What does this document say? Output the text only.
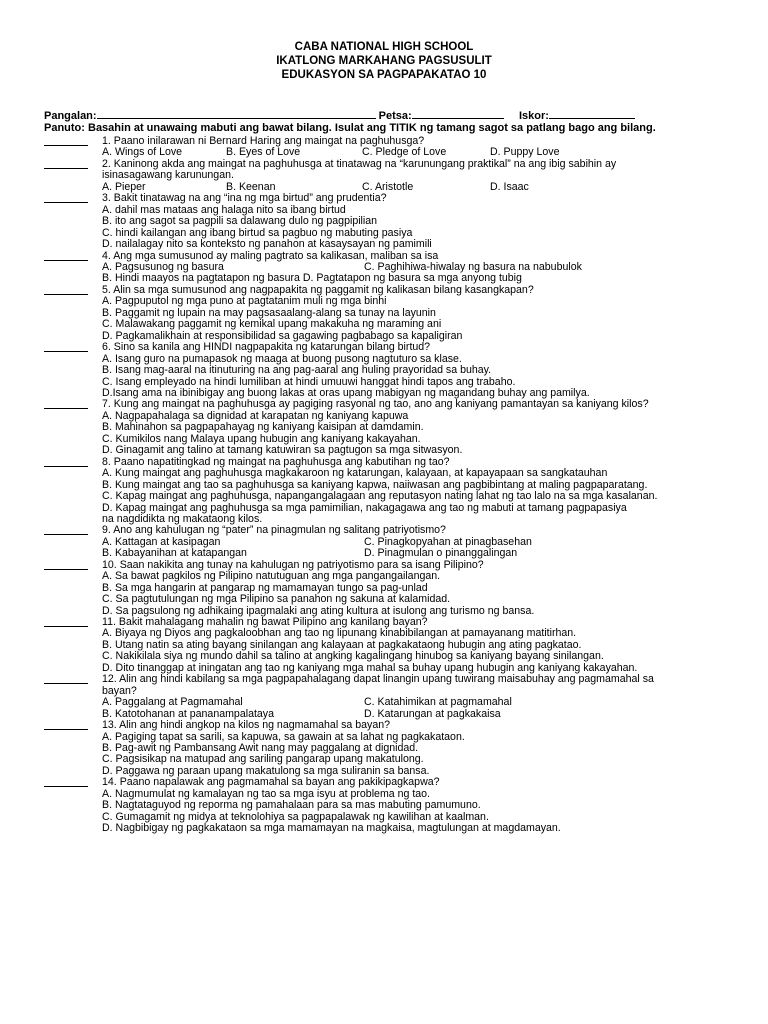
CABA NATIONAL HIGH SCHOOL
IKATLONG MARKAHANG PAGSUSULIT
EDUKASYON SA PAGPAPAKATAO 10
Pangalan:	Petsa:	Iskor:
Panuto: Basahin at unawaing mabuti ang bawat bilang. Isulat ang TITIK ng tamang sagot sa patlang bago ang bilang.
1. Paano inilarawan ni Bernard Haring ang maingat na paghuhusga?
A. Wings of Love	B. Eyes of Love	C. Pledge of Love	D. Puppy Love
2. Kaninong akda ang maingat na paghuhusga at tinatawag na “karunungang praktikal” na ang ibig sabihin ay
isinasagawang karunungan.
A. Pieper	B. Keenan	C. Aristotle	D. Isaac
3. Bakit tinatawag na ang “ina ng mga birtud” ang prudentia?
A. dahil mas mataas ang halaga nito sa ibang birtud
B. ito ang sagot sa pagpili sa dalawang dulo ng pagpipilian
C. hindi kailangan ang ibang birtud sa pagbuo ng mabuting pasiya
D. nailalagay nito sa konteksto ng panahon at kasaysayan ng pamimili
4. Ang mga sumusunod ay maling pagtrato sa kalikasan, maliban sa isa
A. Pagsusunog ng basura	C. Paghihiwa-hiwalay ng basura na nabubulok
B. Hindi maayos na pagtatapon ng basura D. Pagtatapon ng basura sa mga anyong tubig
5. Alin sa mga sumusunod ang nagpapakita ng paggamit ng kalikasan bilang kasangkapan?
A. Pagpuputol ng mga puno at pagtatanim muli ng mga binhi
B. Paggamit ng lupain na may pagsasaalang-alang sa tunay na layunin
C. Malawakang paggamit ng kemikal upang makakuha ng maraming ani
D. Pagkamalikhain at responsibilidad sa gagawing pagbabago sa kapaligiran
6. Sino sa kanila ang HINDI nagpapakita ng katarungan bilang birtud?
A. Isang guro na pumapasok ng maaga at buong pusong nagtuturo sa klase.
B. Isang mag-aaral na itinuturing na ang pag-aaral ang huling prayoridad sa buhay.
C. Isang empleyado na hindi lumiliban at hindi umuuwi hanggat hindi tapos ang trabaho.
D.Isang ama na ibinibigay ang buong lakas at oras upang mabigyan ng magandang buhay ang pamilya.
7. Kung ang maingat na paghuhusga ay pagiging rasyonal ng tao, ano ang kaniyang pamantayan sa kaniyang kilos?
A. Nagpapahalaga sa dignidad at karapatan ng kaniyang kapuwa
B. Mahinahon sa pagpapahayag ng kaniyang kaisipan at damdamin.
C. Kumikilos nang Malaya upang hubugin ang kaniyang kakayahan.
D. Ginagamit ang talino at tamang katuwiran sa pagtugon sa mga sitwasyon.
8. Paano napatitingkad ng maingat na paghuhusga ang kabutihan ng tao?
A. Kung maingat ang paghuhusga magkakaroon ng katarungan, kalayaan, at kapayapaan sa sangkatauhan
B. Kung maingat ang tao sa paghuhusga sa kaniyang kapwa, naiiwasan ang pagbibintang at maling pagpaparatang.
C. Kapag maingat ang paghuhusga, napangangalagaan ang reputasyon nating lahat ng tao lalo na sa mga kasalanan.
D. Kapag maingat ang paghuhusga sa mga pamimilian, nakagagawa ang tao ng mabuti at tamang pagpapasiya
na nagdidikta ng makataong kilos.
9. Ano ang kahulugan ng “pater” na pinagmulan ng salitang patriyotismo?
A. Kattagan at kasipagan	C. Pinagkopyahan at pinagbasehan
B. Kabayanihan at katapangan	D. Pinagmulan o pinanggalingan
10. Saan nakikita ang tunay na kahulugan ng patriyotismo para sa isang Pilipino?
A. Sa bawat pagkilos ng Pilipino natutuguan ang mga pangangailangan.
B. Sa mga hangarin at pangarap ng mamamayan tungo sa pag-unlad
C. Sa pagtutulungan ng mga Pilipino sa panahon ng sakuna at kalamidad.
D. Sa pagsulong ng adhikaing ipagmalaki ang ating kultura at isulong ang turismo ng bansa.
11. Bakit mahalagang mahalin ng bawat Pilipino ang kanilang bayan?
A. Biyaya ng Diyos ang pagkaloobhan ang tao ng lipunang kinabibilangan at pamayanang matitirhan.
B. Utang natin sa ating bayang sinilangan ang kalayaan at pagkakataong hubugin ang ating pagkatao.
C. Nakikilala siya ng mundo dahil sa talino at angking kagalingang hinubog sa kaniyang bayang sinilangan.
D. Dito tinanggap at iningatan ang tao ng kaniyang mga mahal sa buhay upang hubugin ang kaniyang kakayahan.
12. Alin ang hindi kabilang sa mga pagpapahalagang dapat linangin upang tuwirang maisabuhay ang pagmamahal sa
bayan?
A. Paggalang at Pagmamahal	C. Katahimikan at pagmamahal
B. Katotohanan at pananampalataya	D. Katarungan at pagkakaisa
13. Alin ang hindi angkop na kilos ng nagmamahal sa bayan?
A. Pagiging tapat sa sarili, sa kapuwa, sa gawain at sa lahat ng pagkakataon.
B. Pag-awit ng Pambansang Awit nang may paggalang at dignidad.
C. Pagsisikap na matupad ang sariling pangarap upang makatulong.
D. Paggawa ng paraan upang makatulong sa mga suliranin sa bansa.
14. Paano napalawak ang pagmamahal sa bayan ang pakikipagkapwa?
A. Nagmumulat ng kamalayan ng tao sa mga isyu at problema ng tao.
B. Nagtataguyod ng reporma ng pamahalaan para sa mas mabuting pamumuno.
C. Gumagamit ng midya at teknolohiya sa pagpapalawak ng kawilihan at kaalman.
D. Nagbibigay ng pagkakataon sa mga mamamayan na magkaisa, magtulungan at magdamayan.
